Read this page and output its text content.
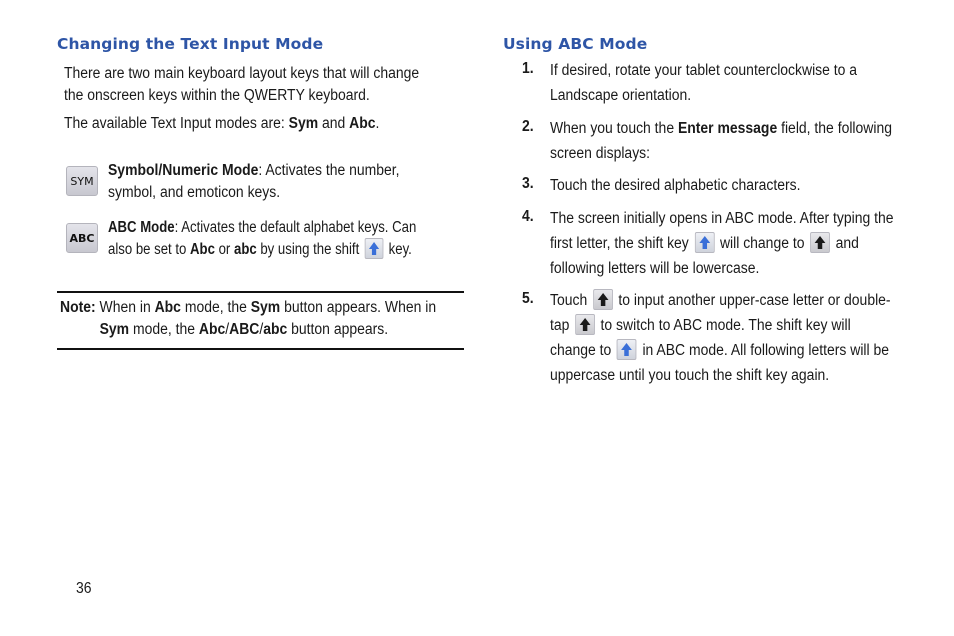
Changing the Text Input Mode
There are two main keyboard layout keys that will change
the onscreen keys within the QWERTY keyboard.
The available Text Input modes are: Sym and Abc.
SYM
Symbol/Numeric Mode: Activates the number,
symbol, and emoticon keys.
ABC
ABC Mode: Activates the default alphabet keys. Can
also be set to Abc or abc by using the shift
key.
Note: When in Abc mode, the Sym button appears. When in
Sym mode, the Abc/ABC/abc button appears.
Using ABC Mode
1. If desired, rotate your tablet counterclockwise to a
Landscape orientation.
2. When you touch the Enter message field, the following
screen displays:
3. Touch the desired alphabetic characters.
4. The screen initially opens in ABC mode. After typing the
first letter, the shift key
will change to
and
following letters will be lowercase.
5. Touch
to input another upper-case letter or double-
tap
to switch to ABC mode. The shift key will
change to
in ABC mode. All following letters will be
uppercase until you touch the shift key again.
36
